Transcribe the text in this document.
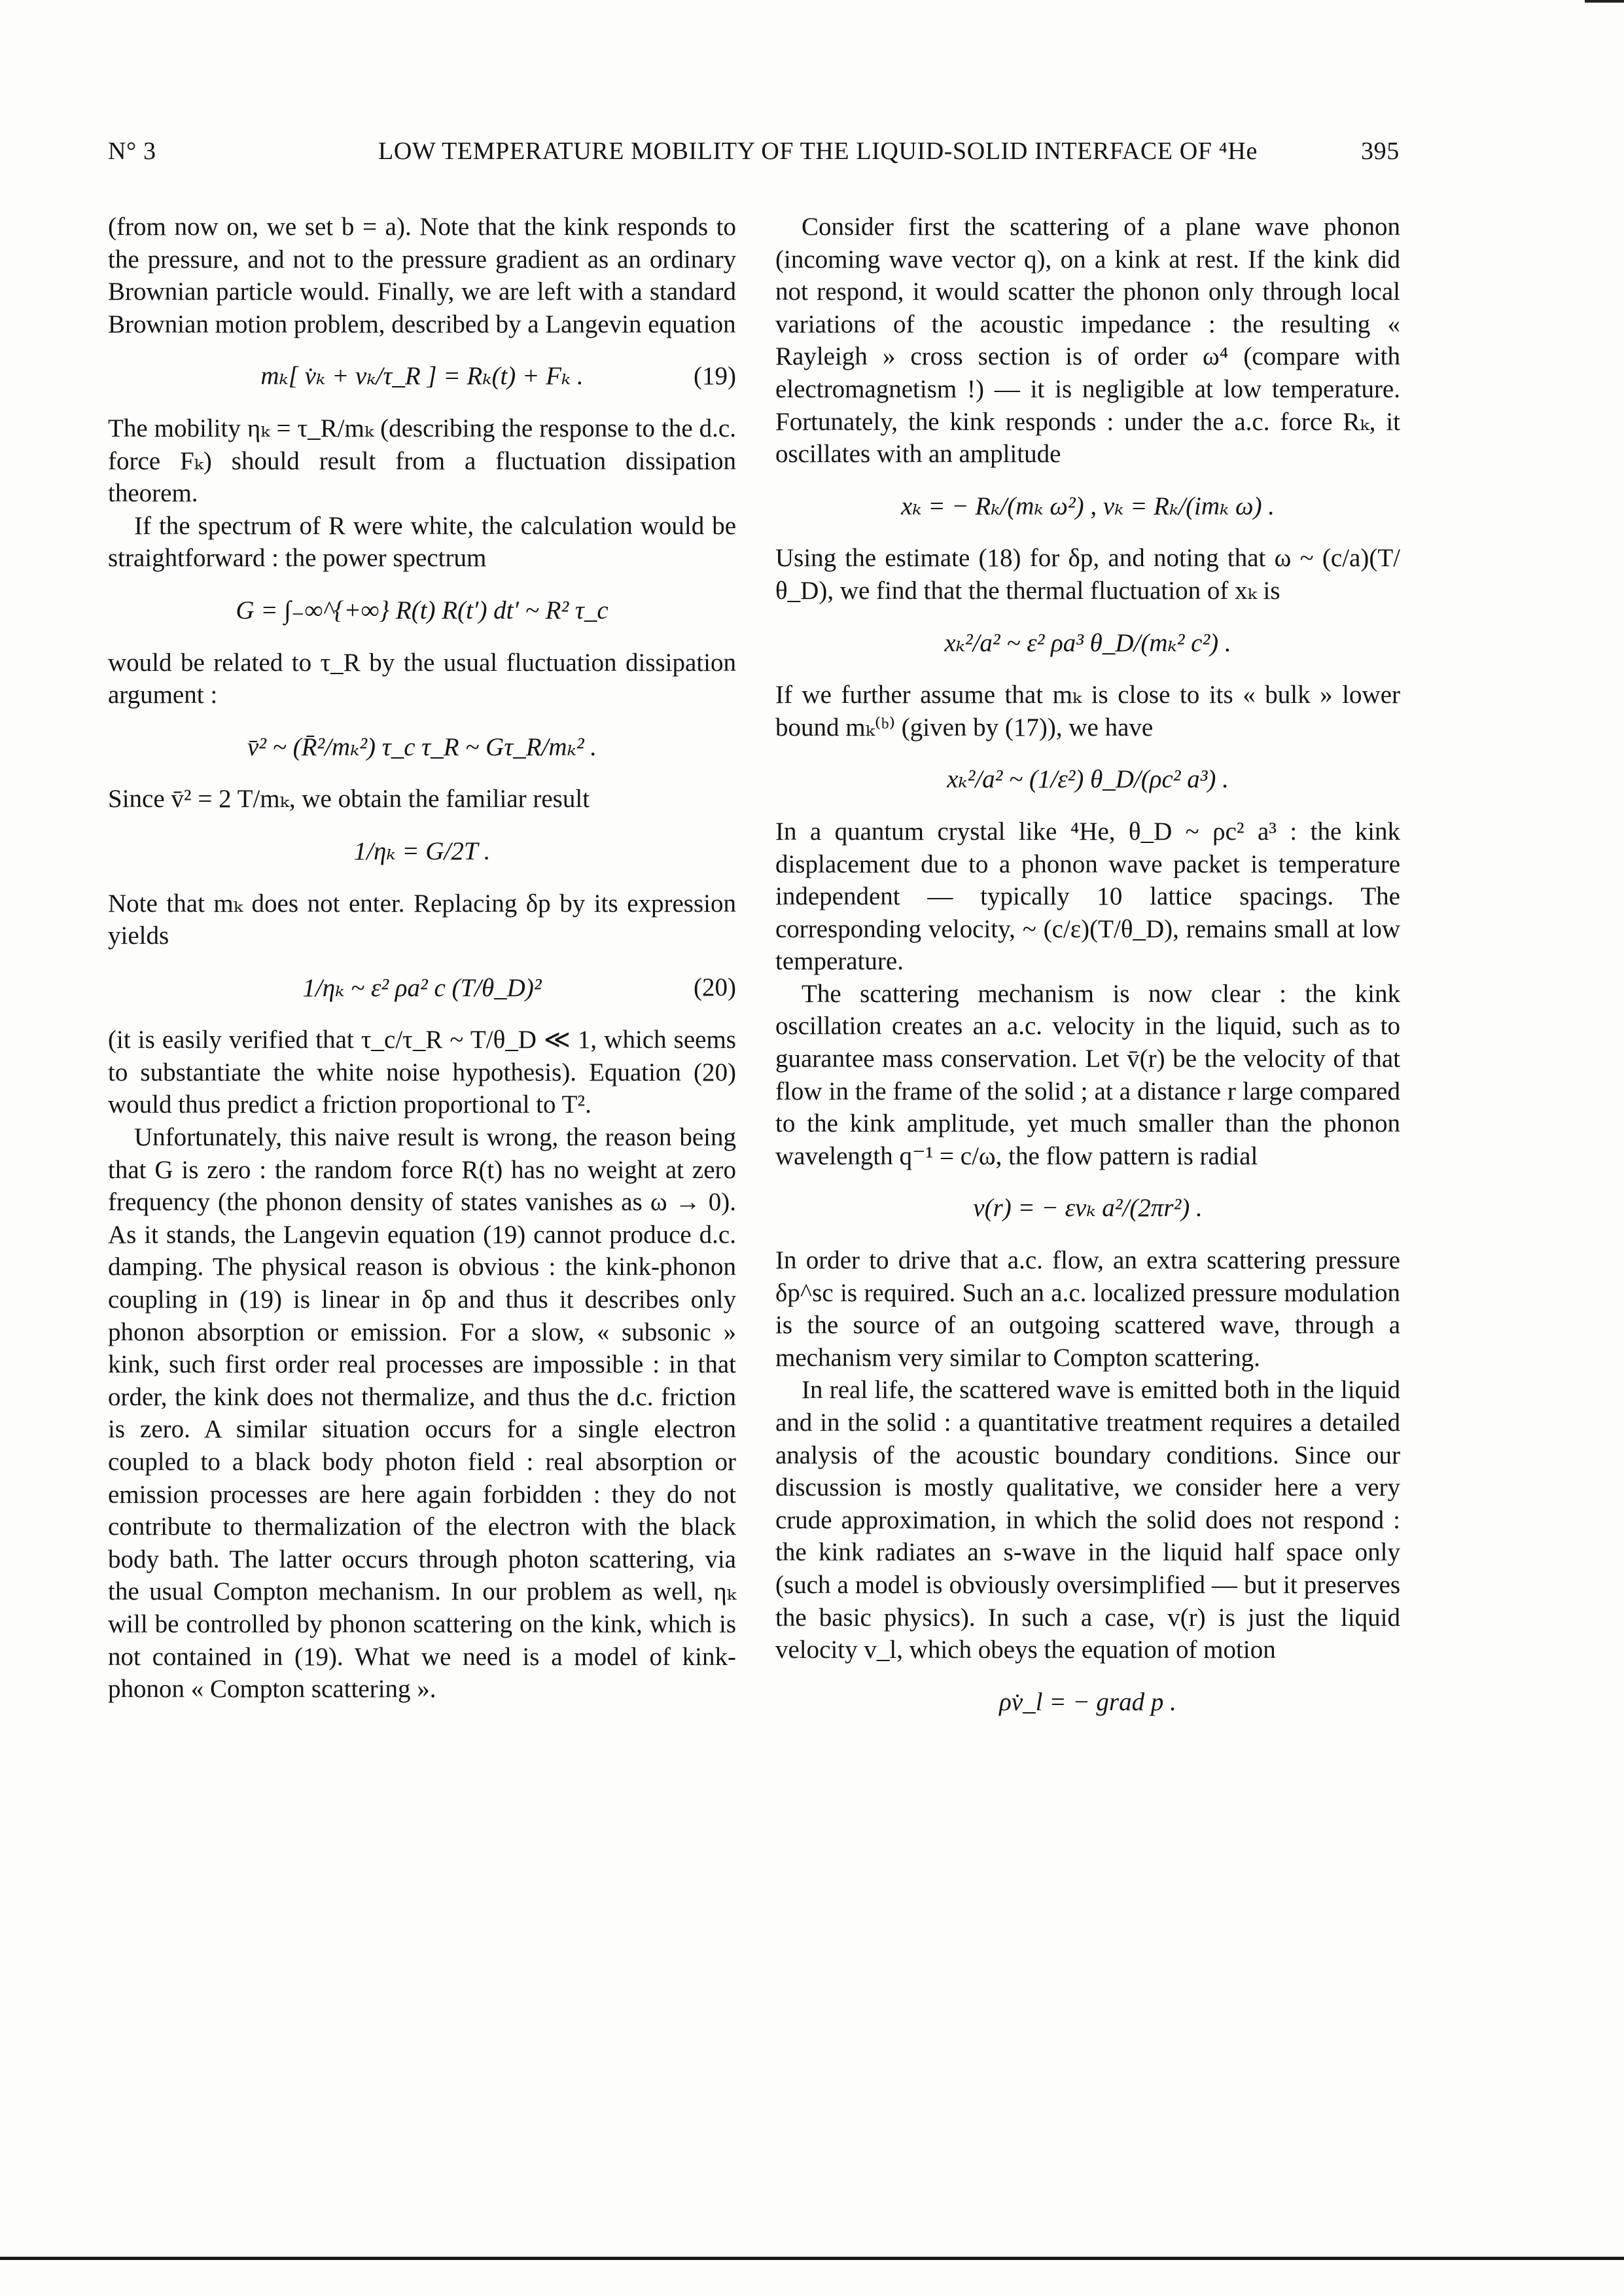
N° 3	LOW TEMPERATURE MOBILITY OF THE LIQUID-SOLID INTERFACE OF ⁴He	395

(from now on, we set b = a). Note that the kink responds to the pressure, and not to the pressure gradient as an ordinary Brownian particle would. Finally, we are left with a standard Brownian motion problem, described by a Langevin equation

mₖ[ v̇ₖ + vₖ/τ_R ] = Rₖ(t) + Fₖ .	(19)

The mobility ηₖ = τ_R/mₖ (describing the response to the d.c. force Fₖ) should result from a fluctuation dissipation theorem.

If the spectrum of R were white, the calculation would be straightforward : the power spectrum

G = ∫₋∞^{+∞} R(t) R(t′) dt′ ~ R² τ_c

would be related to τ_R by the usual fluctuation dissipation argument :

v̄² ~ (R̄²/mₖ²) τ_c τ_R ~ Gτ_R/mₖ² .

Since v̄² = 2 T/mₖ, we obtain the familiar result

1/ηₖ = G/2T .

Note that mₖ does not enter. Replacing δp by its expression yields

1/ηₖ ~ ε² ρa² c (T/θ_D)²	(20)

(it is easily verified that τ_c/τ_R ~ T/θ_D ≪ 1, which seems to substantiate the white noise hypothesis). Equation (20) would thus predict a friction proportional to T².

Unfortunately, this naive result is wrong, the reason being that G is zero : the random force R(t) has no weight at zero frequency (the phonon density of states vanishes as ω → 0). As it stands, the Langevin equation (19) cannot produce d.c. damping. The physical reason is obvious : the kink-phonon coupling in (19) is linear in δp and thus it describes only phonon absorption or emission. For a slow, « subsonic » kink, such first order real processes are impossible : in that order, the kink does not thermalize, and thus the d.c. friction is zero. A similar situation occurs for a single electron coupled to a black body photon field : real absorption or emission processes are here again forbidden : they do not contribute to thermalization of the electron with the black body bath. The latter occurs through photon scattering, via the usual Compton mechanism. In our problem as well, ηₖ will be controlled by phonon scattering on the kink, which is not contained in (19). What we need is a model of kink-phonon « Compton scattering ».

Consider first the scattering of a plane wave phonon (incoming wave vector q), on a kink at rest. If the kink did not respond, it would scatter the phonon only through local variations of the acoustic impedance : the resulting « Rayleigh » cross section is of order ω⁴ (compare with electromagnetism !) — it is negligible at low temperature. Fortunately, the kink responds : under the a.c. force Rₖ, it oscillates with an amplitude

xₖ = − Rₖ/(mₖ ω²) , vₖ = Rₖ/(imₖ ω) .

Using the estimate (18) for δp, and noting that ω ~ (c/a)(T/θ_D), we find that the thermal fluctuation of xₖ is

xₖ²/a² ~ ε² ρa³ θ_D/(mₖ² c²) .

If we further assume that mₖ is close to its « bulk » lower bound mₖ⁽ᵇ⁾ (given by (17)), we have

xₖ²/a² ~ (1/ε²) θ_D/(ρc² a³) .

In a quantum crystal like ⁴He, θ_D ~ ρc² a³ : the kink displacement due to a phonon wave packet is temperature independent — typically 10 lattice spacings. The corresponding velocity, ~ (c/ε)(T/θ_D), remains small at low temperature.

The scattering mechanism is now clear : the kink oscillation creates an a.c. velocity in the liquid, such as to guarantee mass conservation. Let v̄(r) be the velocity of that flow in the frame of the solid ; at a distance r large compared to the kink amplitude, yet much smaller than the phonon wavelength q⁻¹ = c/ω, the flow pattern is radial

v(r) = − εvₖ a²/(2πr²) .

In order to drive that a.c. flow, an extra scattering pressure δp^sc is required. Such an a.c. localized pressure modulation is the source of an outgoing scattered wave, through a mechanism very similar to Compton scattering.

In real life, the scattered wave is emitted both in the liquid and in the solid : a quantitative treatment requires a detailed analysis of the acoustic boundary conditions. Since our discussion is mostly qualitative, we consider here a very crude approximation, in which the solid does not respond : the kink radiates an s-wave in the liquid half space only (such a model is obviously oversimplified — but it preserves the basic physics). In such a case, v(r) is just the liquid velocity v_l, which obeys the equation of motion

ρv̇_l = − grad p .
